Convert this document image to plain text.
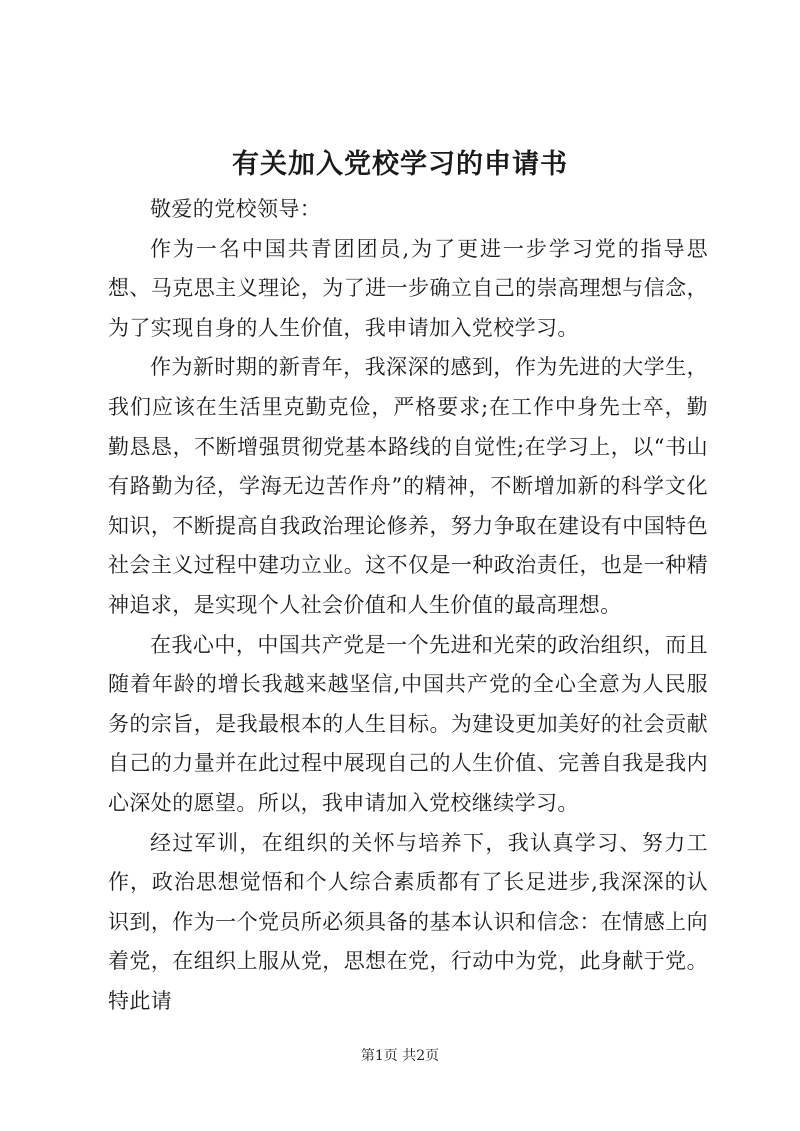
有关加入党校学习的申请书

敬爱的党校领导：

作为一名中国共青团团员,为了更进一步学习党的指导思想、马克思主义理论，为了进一步确立自己的崇高理想与信念，为了实现自身的人生价值，我申请加入党校学习。

作为新时期的新青年，我深深的感到，作为先进的大学生，我们应该在生活里克勤克俭，严格要求;在工作中身先士卒，勤勤恳恳，不断增强贯彻党基本路线的自觉性;在学习上，以“书山有路勤为径，学海无边苦作舟”的精神，不断增加新的科学文化知识，不断提高自我政治理论修养，努力争取在建设有中国特色社会主义过程中建功立业。这不仅是一种政治责任，也是一种精神追求，是实现个人社会价值和人生价值的最高理想。

在我心中，中国共产党是一个先进和光荣的政治组织，而且随着年龄的增长我越来越坚信,中国共产党的全心全意为人民服务的宗旨，是我最根本的人生目标。为建设更加美好的社会贡献自己的力量并在此过程中展现自己的人生价值、完善自我是我内心深处的愿望。所以，我申请加入党校继续学习。

经过军训，在组织的关怀与培养下，我认真学习、努力工作，政治思想觉悟和个人综合素质都有了长足进步,我深深的认识到，作为一个党员所必须具备的基本认识和信念：在情感上向着党，在组织上服从党，思想在党，行动中为党，此身献于党。特此请

第1页 共2页
